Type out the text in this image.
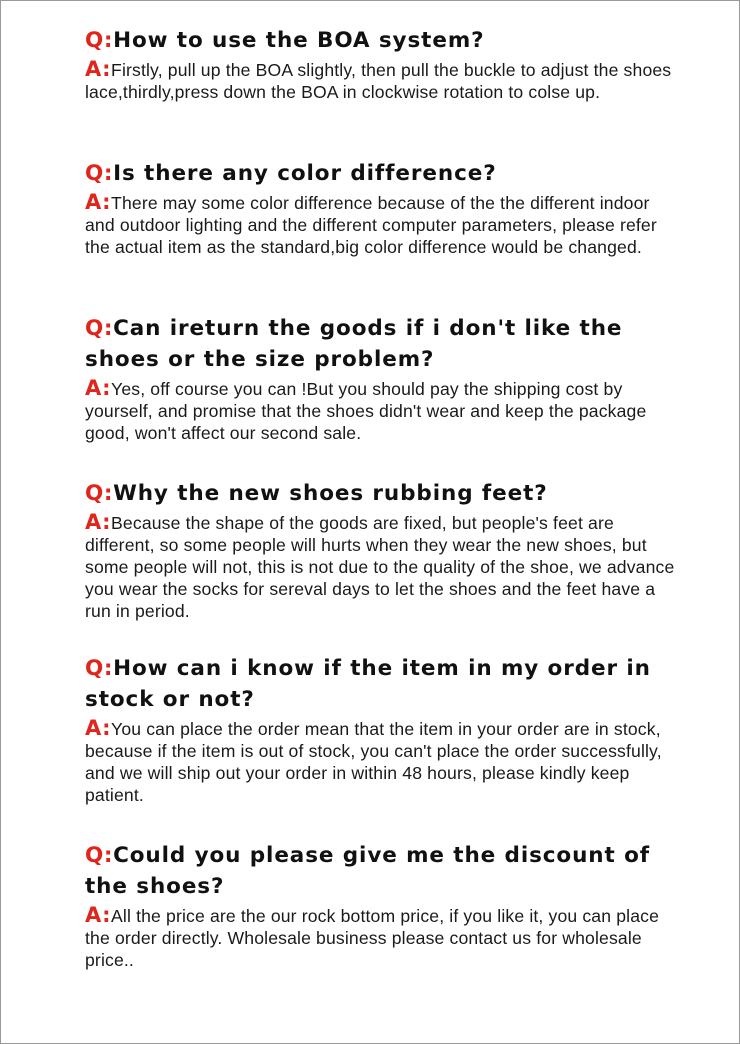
Q:How to use the BOA system?

A:Firstly, pull up the BOA slightly, then pull the buckle to adjust the shoes lace,thirdly,press down the BOA in clockwise rotation to colse up.

Q:Is there any color difference?

A:There may some color difference because of the the different indoor and outdoor lighting and the different computer parameters, please refer the actual item as the standard,big color difference would be changed.

Q:Can ireturn the goods if i don't like the shoes or the size problem?

A:Yes, off course you can !But you should pay the shipping cost by yourself, and promise that the shoes didn't wear and keep the package good, won't affect our second sale.

Q:Why the new shoes rubbing feet?

A:Because the shape of the goods are fixed, but people's feet are different, so some people will hurts when they wear the new shoes, but some people will not, this is not due to the quality of the shoe, we advance you wear the socks for sereval days to let the shoes and the feet have a run in period.

Q:How can i know if the item in my order in stock or not?

A:You can place the order mean that the item in your order are in stock, because if the item is out of stock, you can't place the order successfully, and we will ship out your order in within 48 hours, please kindly keep patient.

Q:Could you please give me the discount of the shoes?

A:All the price are the our rock bottom price, if you like it, you can place the order directly. Wholesale business please contact us for wholesale price..
